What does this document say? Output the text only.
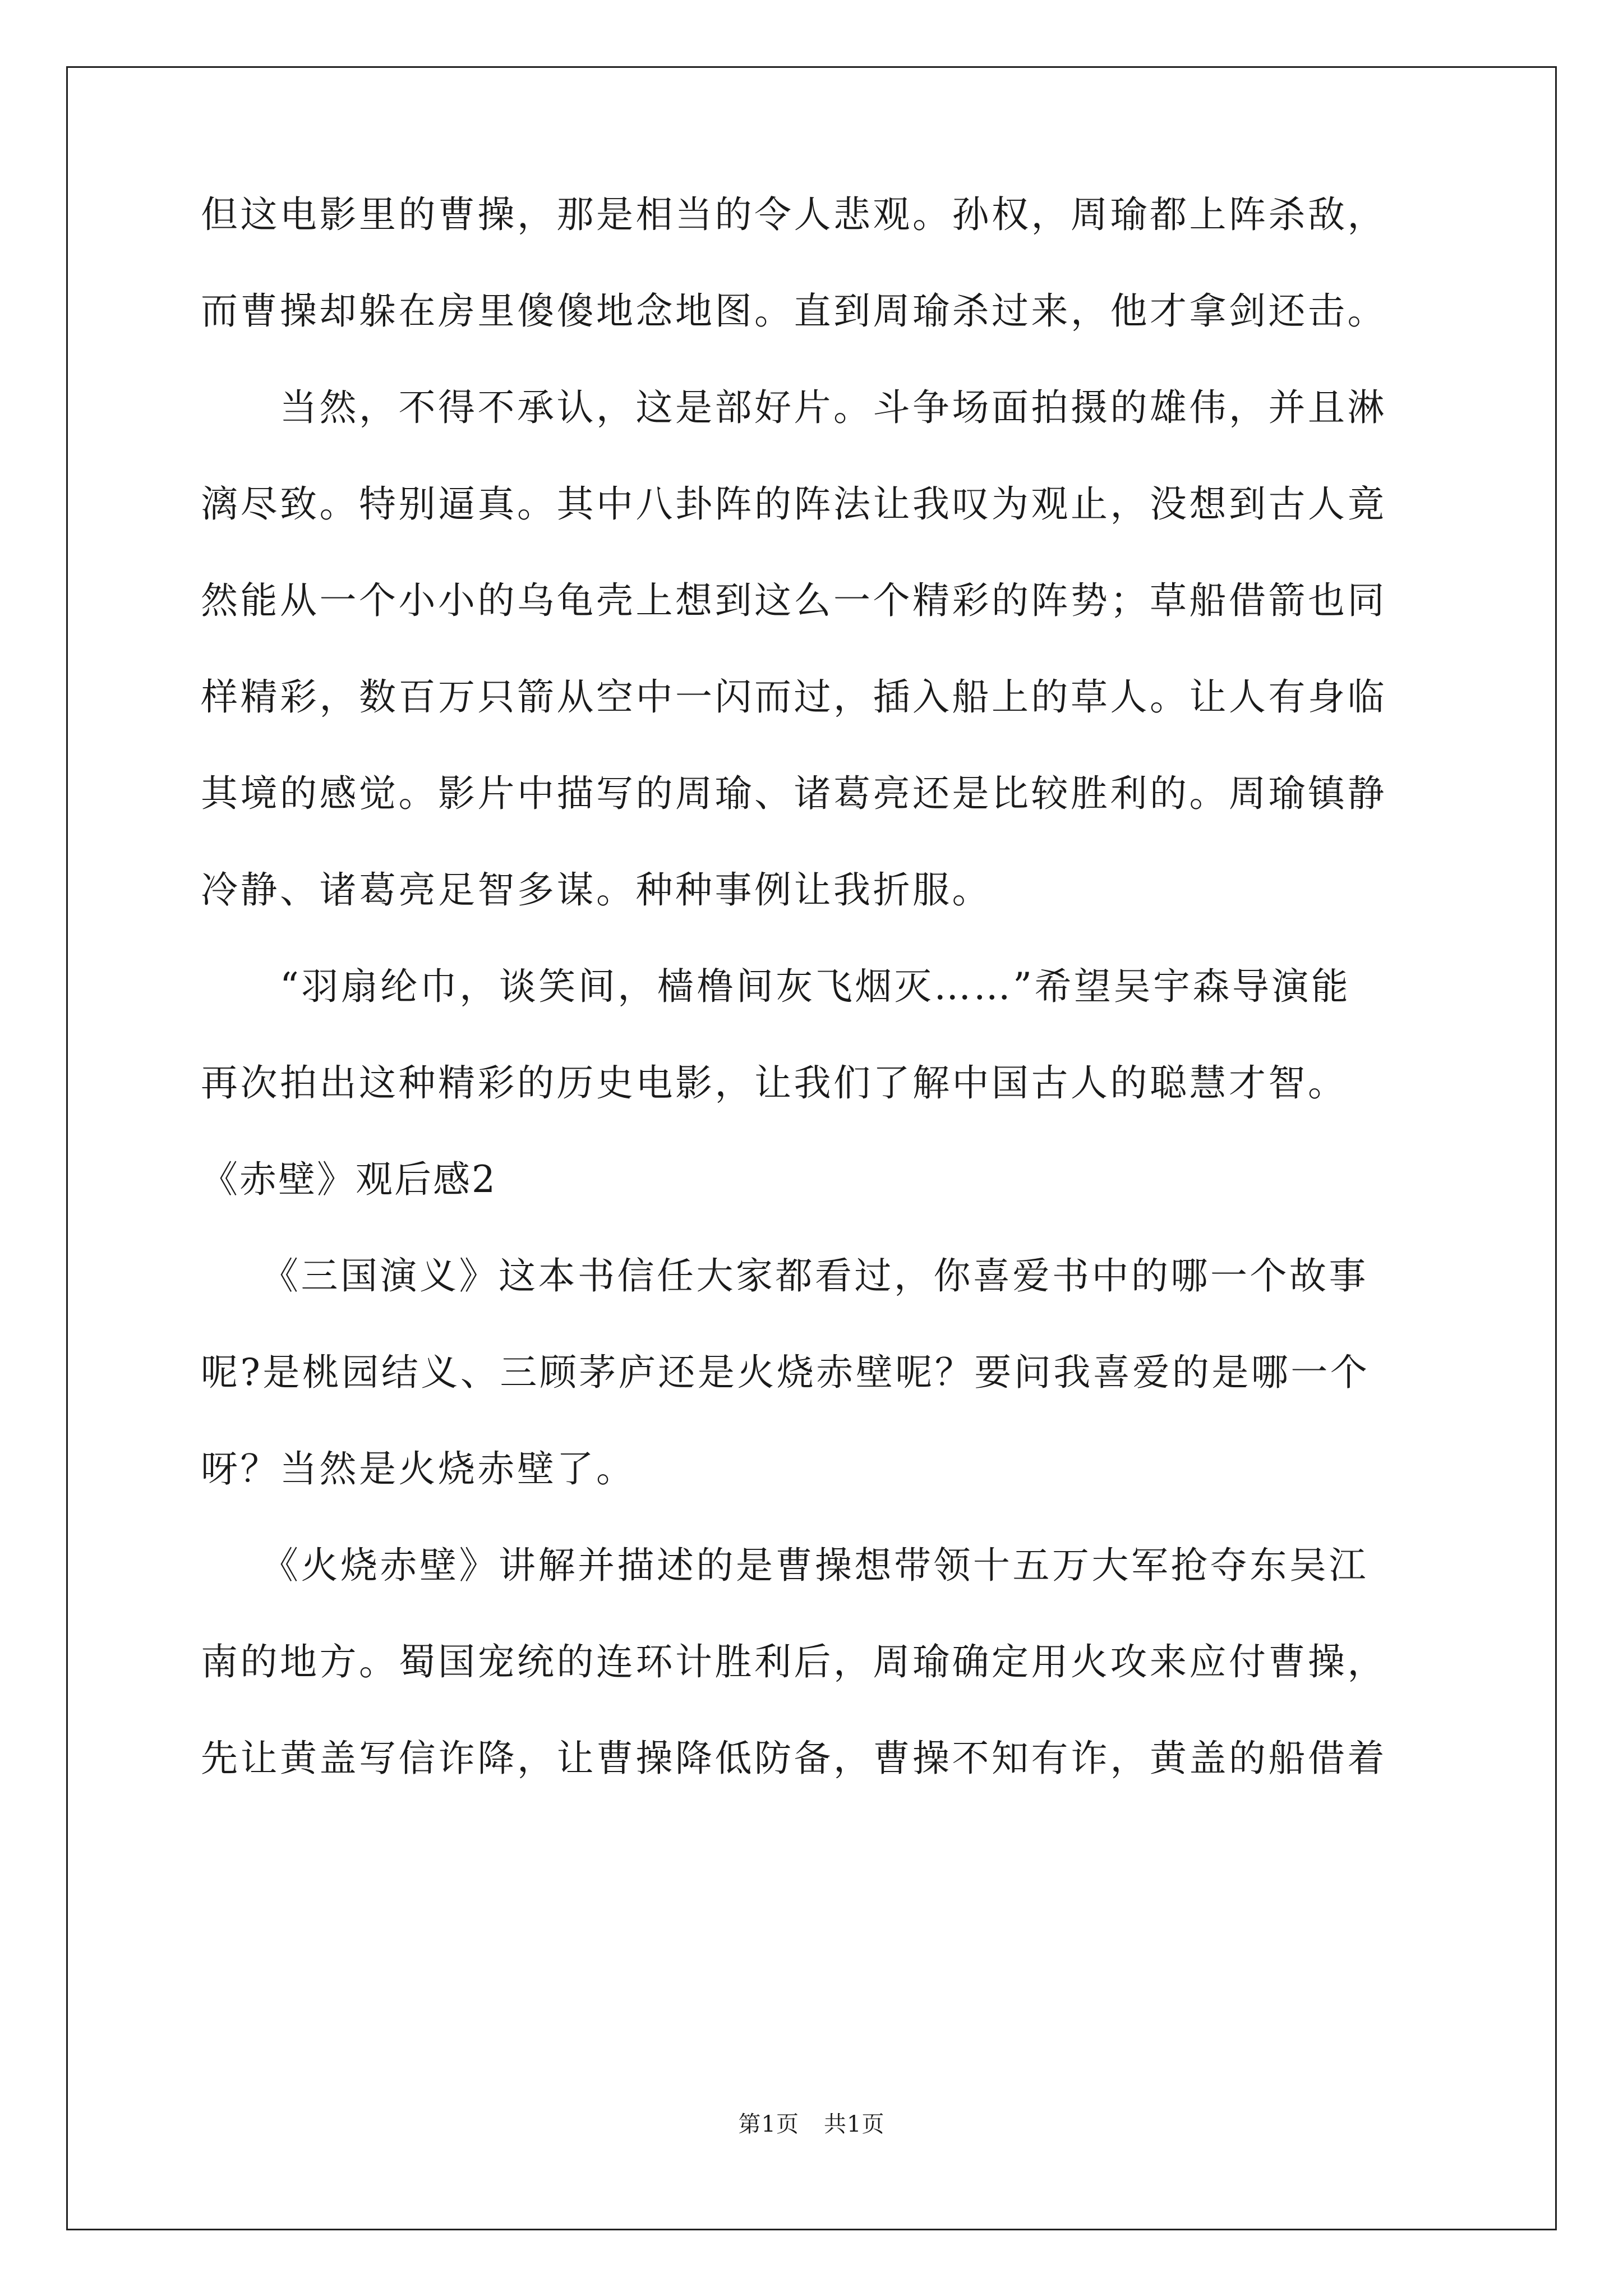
但这电影里的曹操，那是相当的令人悲观。孙权，周瑜都上阵杀敌，
而曹操却躲在房里傻傻地念地图。直到周瑜杀过来，他才拿剑还击。
　　当然，不得不承认，这是部好片。斗争场面拍摄的雄伟，并且淋
漓尽致。特别逼真。其中八卦阵的阵法让我叹为观止，没想到古人竟
然能从一个小小的乌龟壳上想到这么一个精彩的阵势；草船借箭也同
样精彩，数百万只箭从空中一闪而过，插入船上的草人。让人有身临
其境的感觉。影片中描写的周瑜、诸葛亮还是比较胜利的。周瑜镇静
冷静、诸葛亮足智多谋。种种事例让我折服。
　　“羽扇纶巾，谈笑间，樯橹间灰飞烟灭……”希望吴宇森导演能
再次拍出这种精彩的历史电影，让我们了解中国古人的聪慧才智。
《赤壁》观后感2
　　《三国演义》这本书信任大家都看过，你喜爱书中的哪一个故事
呢?是桃园结义、三顾茅庐还是火烧赤壁呢？要问我喜爱的是哪一个
呀？当然是火烧赤壁了。
　　《火烧赤壁》讲解并描述的是曹操想带领十五万大军抢夺东吴江
南的地方。蜀国宠统的连环计胜利后，周瑜确定用火攻来应付曹操，
先让黄盖写信诈降，让曹操降低防备，曹操不知有诈，黄盖的船借着
第1页 共1页
